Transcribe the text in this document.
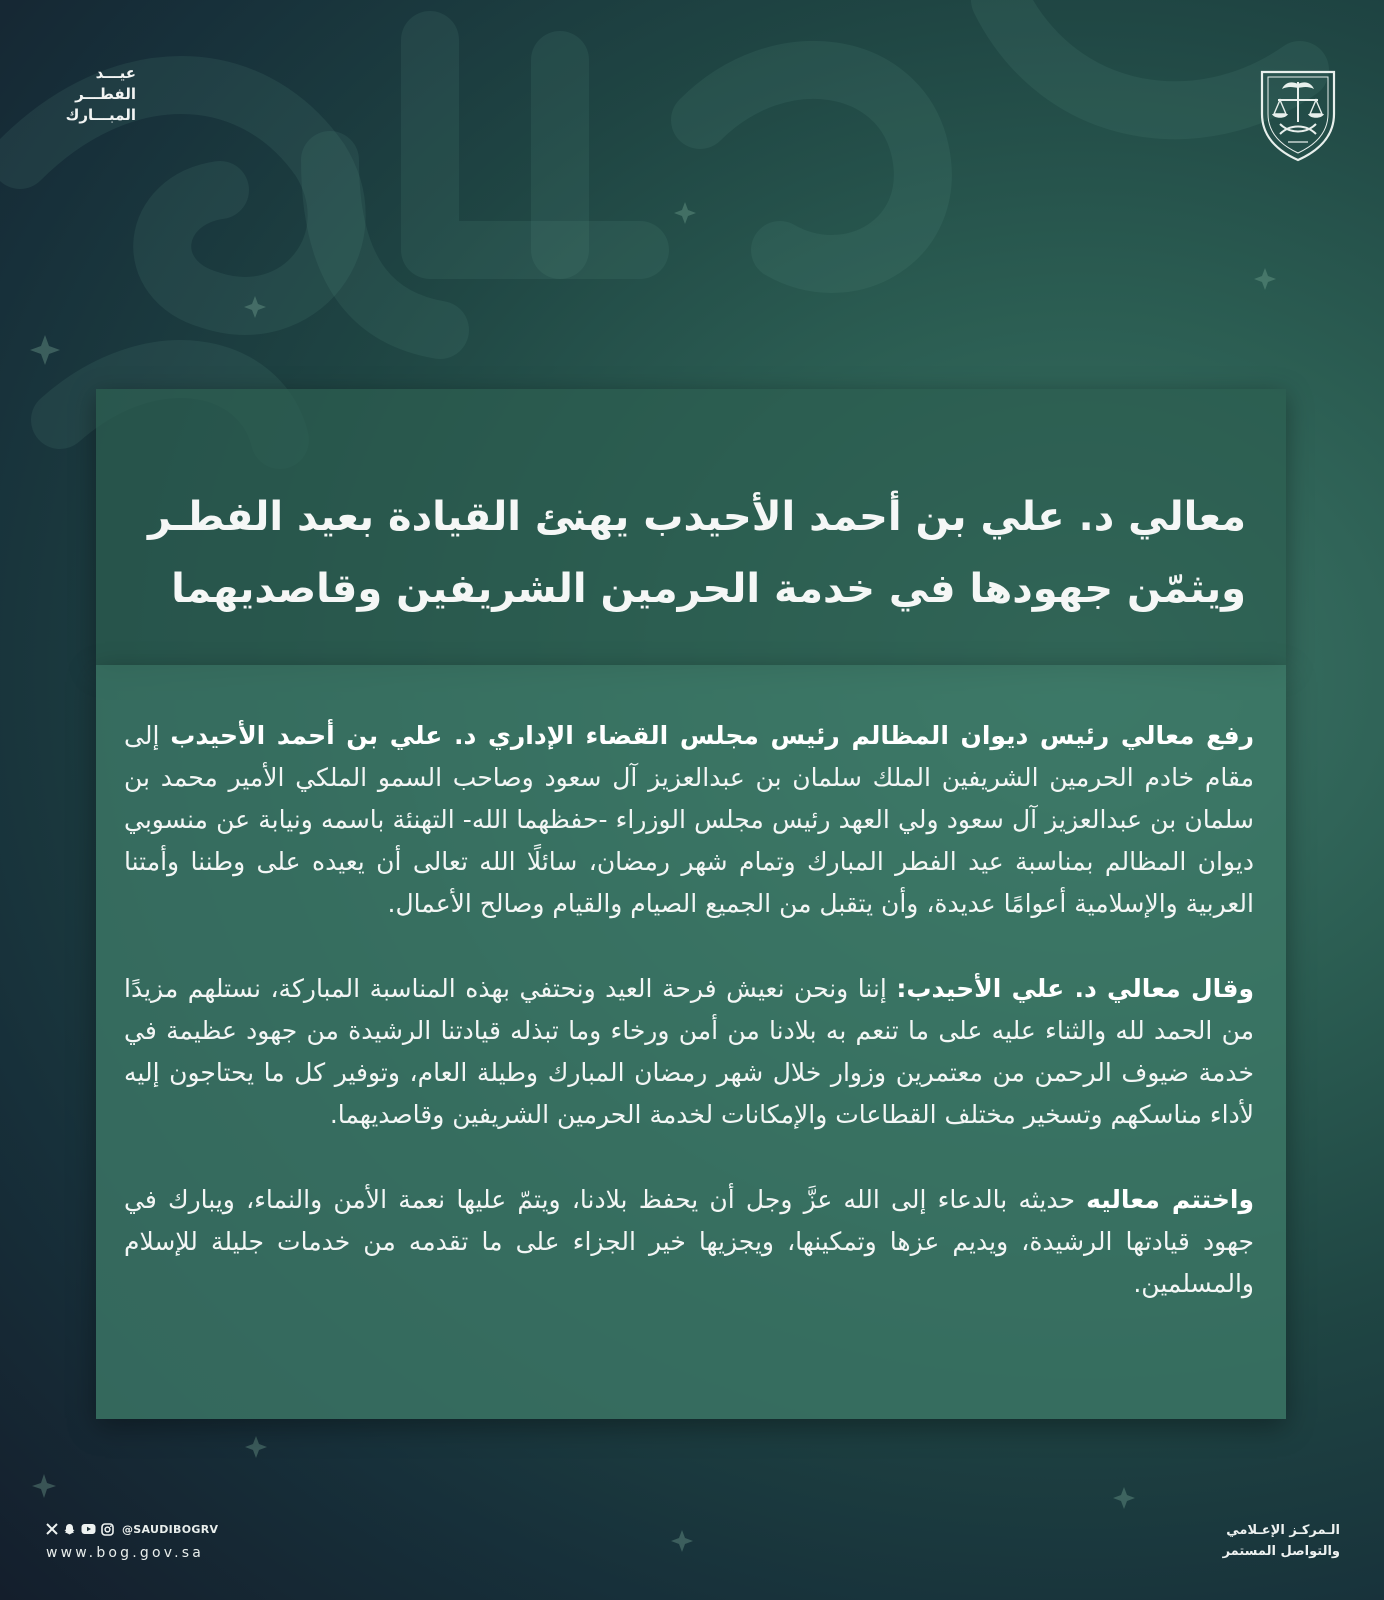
عيـــد
الفطـــر
المبـــارك
معالي د. علي بن أحمد الأحيدب يهنئ القيادة بعيد الفطـر
ويثمّن جهودها في خدمة الحرمين الشريفين وقاصديهما

رفع معالي رئيس ديوان المظالم رئيس مجلس القضاء الإداري د. علي بن أحمد الأحيدب إلى مقام خادم الحرمين الشريفين الملك سلمان بن عبدالعزيز آل سعود وصاحب السمو الملكي الأمير محمد بن سلمان بن عبدالعزيز آل سعود ولي العهد رئيس مجلس الوزراء -حفظهما الله- التهنئة باسمه ونيابة عن منسوبي ديوان المظالم بمناسبة عيد الفطر المبارك وتمام شهر رمضان، سائلًا الله تعالى أن يعيده على وطننا وأمتنا العربية والإسلامية أعوامًا عديدة، وأن يتقبل من الجميع الصيام والقيام وصالح الأعمال.

وقال معالي د. علي الأحيدب: إننا ونحن نعيش فرحة العيد ونحتفي بهذه المناسبة المباركة، نستلهم مزيدًا من الحمد لله والثناء عليه على ما تنعم به بلادنا من أمن ورخاء وما تبذله قيادتنا الرشيدة من جهود عظيمة في خدمة ضيوف الرحمن من معتمرين وزوار خلال شهر رمضان المبارك وطيلة العام، وتوفير كل ما يحتاجون إليه لأداء مناسكهم وتسخير مختلف القطاعات والإمكانات لخدمة الحرمين الشريفين وقاصديهما.

واختتم معاليه حديثه بالدعاء إلى الله عزَّ وجل أن يحفظ بلادنا، ويتمّ عليها نعمة الأمن والنماء، ويبارك في جهود قيادتها الرشيدة، ويديم عزها وتمكينها، ويجزيها خير الجزاء على ما تقدمه من خدمات جليلة للإسلام والمسلمين.

@SAUDIBOGRV
www.bog.gov.sa
الـمركـز الإعـلامي
والتواصل المستمر
